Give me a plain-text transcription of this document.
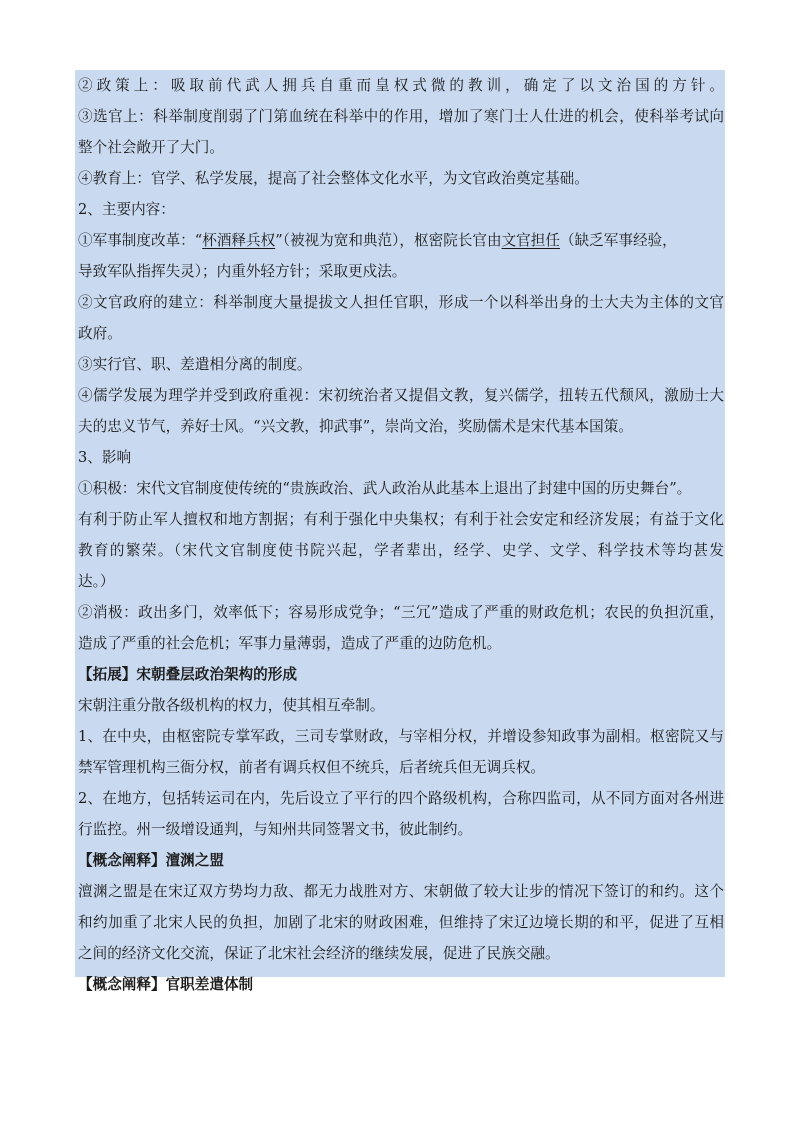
②政策上：吸取前代武人拥兵自重而皇权式微的教训，确定了以文治国的方针。
③选官上：科举制度削弱了门第血统在科举中的作用，增加了寒门士人仕进的机会，使科举考试向
整个社会敞开了大门。
④教育上：官学、私学发展，提高了社会整体文化水平，为文官政治奠定基础。
2、主要内容：
①军事制度改革：“杯酒释兵权”（被视为宽和典范），枢密院长官由文官担任（缺乏军事经验，
导致军队指挥失灵）；内重外轻方针；采取更戍法。
②文官政府的建立：科举制度大量提拔文人担任官职，形成一个以科举出身的士大夫为主体的文官
政府。
③实行官、职、差遣相分离的制度。
④儒学发展为理学并受到政府重视：宋初统治者又提倡文教，复兴儒学，扭转五代颓风，激励士大
夫的忠义节气，养好士风。“兴文教，抑武事”，崇尚文治，奖励儒术是宋代基本国策。
3、影响
①积极：宋代文官制度使传统的“贵族政治、武人政治从此基本上退出了封建中国的历史舞台”。
有利于防止军人擅权和地方割据；有利于强化中央集权；有利于社会安定和经济发展；有益于文化
教育的繁荣。（宋代文官制度使书院兴起，学者辈出，经学、史学、文学、科学技术等均甚发
达。）
②消极：政出多门，效率低下；容易形成党争；“三冗”造成了严重的财政危机；农民的负担沉重，
造成了严重的社会危机；军事力量薄弱，造成了严重的边防危机。
【拓展】宋朝叠层政治架构的形成
宋朝注重分散各级机构的权力，使其相互牵制。
1、在中央，由枢密院专掌军政，三司专掌财政，与宰相分权，并增设参知政事为副相。枢密院又与
禁军管理机构三衙分权，前者有调兵权但不统兵，后者统兵但无调兵权。
2、在地方，包括转运司在内，先后设立了平行的四个路级机构，合称四监司，从不同方面对各州进
行监控。州一级增设通判，与知州共同签署文书，彼此制约。
【概念阐释】澶渊之盟
澶渊之盟是在宋辽双方势均力敌、都无力战胜对方、宋朝做了较大让步的情况下签订的和约。这个
和约加重了北宋人民的负担，加剧了北宋的财政困难，但维持了宋辽边境长期的和平，促进了互相
之间的经济文化交流，保证了北宋社会经济的继续发展，促进了民族交融。
【概念阐释】官职差遣体制
